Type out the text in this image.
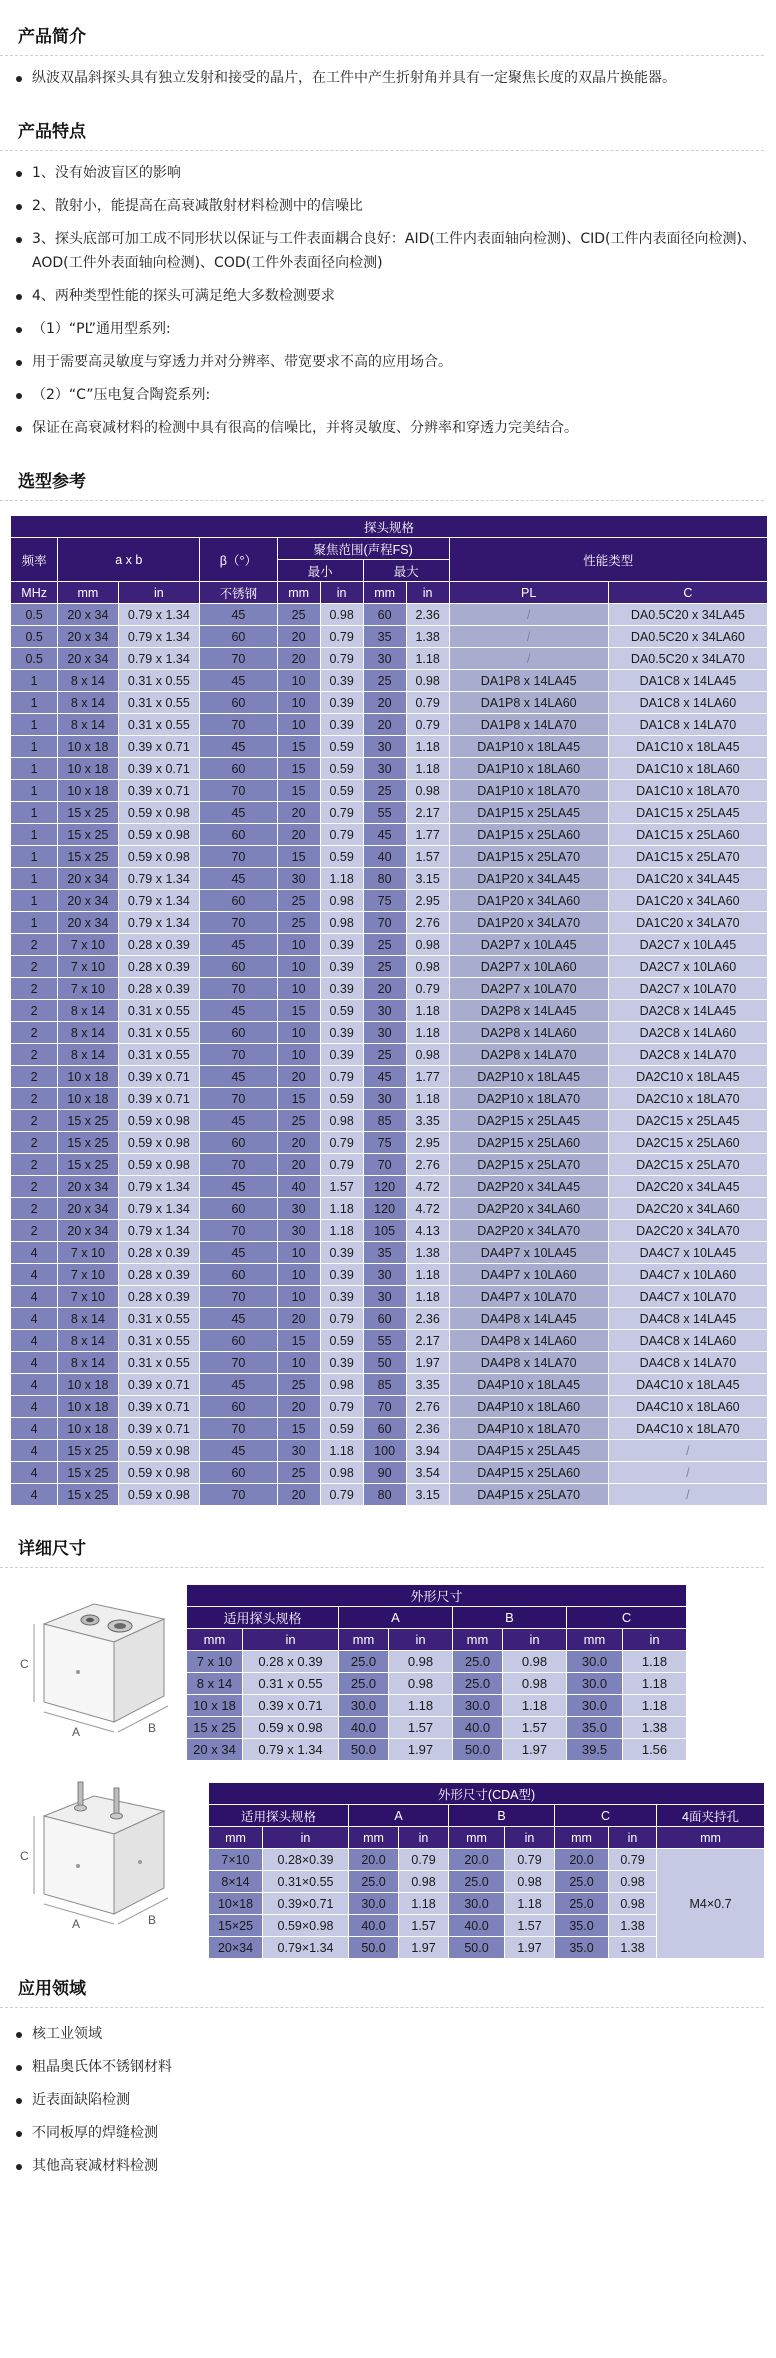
产品简介
纵波双晶斜探头具有独立发射和接受的晶片，在工件中产生折射角并具有一定聚焦长度的双晶片换能器。
产品特点
1、没有始波盲区的影响
2、散射小，能提高在高衰减散射材料检测中的信噪比
3、探头底部可加工成不同形状以保证与工件表面耦合良好：AID(工件内表面轴向检测)、CID(工件内表面径向检测)、AOD(工件外表面轴向检测)、COD(工件外表面径向检测)
4、两种类型性能的探头可满足绝大多数检测要求
（1）“PL”通用型系列:
用于需要高灵敏度与穿透力并对分辨率、带宽要求不高的应用场合。
（2）“C”压电复合陶瓷系列:
保证在高衰减材料的检测中具有很高的信噪比，并将灵敏度、分辨率和穿透力完美结合。
选型参考
探头规格									
频率	a x b		β（°）	聚焦范围(声程FS)				性能类型	
				最小		最大			
MHz	mm	in	不锈钢	mm	in	mm	in	PL	C
0.5	20 x 34	0.79 x 1.34	45	25	0.98	60	2.36	/	DA0.5C20 x 34LA45
0.5	20 x 34	0.79 x 1.34	60	20	0.79	35	1.38	/	DA0.5C20 x 34LA60
0.5	20 x 34	0.79 x 1.34	70	20	0.79	30	1.18	/	DA0.5C20 x 34LA70
1	8 x 14	0.31 x 0.55	45	10	0.39	25	0.98	DA1P8 x 14LA45	DA1C8 x 14LA45
1	8 x 14	0.31 x 0.55	60	10	0.39	20	0.79	DA1P8 x 14LA60	DA1C8 x 14LA60
1	8 x 14	0.31 x 0.55	70	10	0.39	20	0.79	DA1P8 x 14LA70	DA1C8 x 14LA70
1	10 x 18	0.39 x 0.71	45	15	0.59	30	1.18	DA1P10 x 18LA45	DA1C10 x 18LA45
1	10 x 18	0.39 x 0.71	60	15	0.59	30	1.18	DA1P10 x 18LA60	DA1C10 x 18LA60
1	10 x 18	0.39 x 0.71	70	15	0.59	25	0.98	DA1P10 x 18LA70	DA1C10 x 18LA70
1	15 x 25	0.59 x 0.98	45	20	0.79	55	2.17	DA1P15 x 25LA45	DA1C15 x 25LA45
1	15 x 25	0.59 x 0.98	60	20	0.79	45	1.77	DA1P15 x 25LA60	DA1C15 x 25LA60
1	15 x 25	0.59 x 0.98	70	15	0.59	40	1.57	DA1P15 x 25LA70	DA1C15 x 25LA70
1	20 x 34	0.79 x 1.34	45	30	1.18	80	3.15	DA1P20 x 34LA45	DA1C20 x 34LA45
1	20 x 34	0.79 x 1.34	60	25	0.98	75	2.95	DA1P20 x 34LA60	DA1C20 x 34LA60
1	20 x 34	0.79 x 1.34	70	25	0.98	70	2.76	DA1P20 x 34LA70	DA1C20 x 34LA70
2	7 x 10	0.28 x 0.39	45	10	0.39	25	0.98	DA2P7 x 10LA45	DA2C7 x 10LA45
2	7 x 10	0.28 x 0.39	60	10	0.39	25	0.98	DA2P7 x 10LA60	DA2C7 x 10LA60
2	7 x 10	0.28 x 0.39	70	10	0.39	20	0.79	DA2P7 x 10LA70	DA2C7 x 10LA70
2	8 x 14	0.31 x 0.55	45	15	0.59	30	1.18	DA2P8 x 14LA45	DA2C8 x 14LA45
2	8 x 14	0.31 x 0.55	60	10	0.39	30	1.18	DA2P8 x 14LA60	DA2C8 x 14LA60
2	8 x 14	0.31 x 0.55	70	10	0.39	25	0.98	DA2P8 x 14LA70	DA2C8 x 14LA70
2	10 x 18	0.39 x 0.71	45	20	0.79	45	1.77	DA2P10 x 18LA45	DA2C10 x 18LA45
2	10 x 18	0.39 x 0.71	70	15	0.59	30	1.18	DA2P10 x 18LA70	DA2C10 x 18LA70
2	15 x 25	0.59 x 0.98	45	25	0.98	85	3.35	DA2P15 x 25LA45	DA2C15 x 25LA45
2	15 x 25	0.59 x 0.98	60	20	0.79	75	2.95	DA2P15 x 25LA60	DA2C15 x 25LA60
2	15 x 25	0.59 x 0.98	70	20	0.79	70	2.76	DA2P15 x 25LA70	DA2C15 x 25LA70
2	20 x 34	0.79 x 1.34	45	40	1.57	120	4.72	DA2P20 x 34LA45	DA2C20 x 34LA45
2	20 x 34	0.79 x 1.34	60	30	1.18	120	4.72	DA2P20 x 34LA60	DA2C20 x 34LA60
2	20 x 34	0.79 x 1.34	70	30	1.18	105	4.13	DA2P20 x 34LA70	DA2C20 x 34LA70
4	7 x 10	0.28 x 0.39	45	10	0.39	35	1.38	DA4P7 x 10LA45	DA4C7 x 10LA45
4	7 x 10	0.28 x 0.39	60	10	0.39	30	1.18	DA4P7 x 10LA60	DA4C7 x 10LA60
4	7 x 10	0.28 x 0.39	70	10	0.39	30	1.18	DA4P7 x 10LA70	DA4C7 x 10LA70
4	8 x 14	0.31 x 0.55	45	20	0.79	60	2.36	DA4P8 x 14LA45	DA4C8 x 14LA45
4	8 x 14	0.31 x 0.55	60	15	0.59	55	2.17	DA4P8 x 14LA60	DA4C8 x 14LA60
4	8 x 14	0.31 x 0.55	70	10	0.39	50	1.97	DA4P8 x 14LA70	DA4C8 x 14LA70
4	10 x 18	0.39 x 0.71	45	25	0.98	85	3.35	DA4P10 x 18LA45	DA4C10 x 18LA45
4	10 x 18	0.39 x 0.71	60	20	0.79	70	2.76	DA4P10 x 18LA60	DA4C10 x 18LA60
4	10 x 18	0.39 x 0.71	70	15	0.59	60	2.36	DA4P10 x 18LA70	DA4C10 x 18LA70
4	15 x 25	0.59 x 0.98	45	30	1.18	100	3.94	DA4P15 x 25LA45	/
4	15 x 25	0.59 x 0.98	60	25	0.98	90	3.54	DA4P15 x 25LA60	/
4	15 x 25	0.59 x 0.98	70	20	0.79	80	3.15	DA4P15 x 25LA70	/
详细尺寸
C
A	B
外形尺寸							
适用探头规格		A		B		C	
mm	in	mm	in	mm	in	mm	in
7 x 10	0.28 x 0.39	25.0	0.98	25.0	0.98	30.0	1.18
8 x 14	0.31 x 0.55	25.0	0.98	25.0	0.98	30.0	1.18
10 x 18	0.39 x 0.71	30.0	1.18	30.0	1.18	30.0	1.18
15 x 25	0.59 x 0.98	40.0	1.57	40.0	1.57	35.0	1.38
20 x 34	0.79 x 1.34	50.0	1.97	50.0	1.97	39.5	1.56
C
A	B
外形尺寸(CDA型)								
适用探头规格		A		B		C		4面夹持孔
mm	in	mm	in	mm	in	mm	in	mm
7×10	0.28×0.39	20.0	0.79	20.0	0.79	20.0	0.79	M4×0.7
8×14	0.31×0.55	25.0	0.98	25.0	0.98	25.0	0.98	
10×18	0.39×0.71	30.0	1.18	30.0	1.18	25.0	0.98	
15×25	0.59×0.98	40.0	1.57	40.0	1.57	35.0	1.38	
20×34	0.79×1.34	50.0	1.97	50.0	1.97	35.0	1.38	
应用领域
核工业领域
粗晶奥氏体不锈钢材料
近表面缺陷检测
不同板厚的焊缝检测
其他高衰减材料检测
